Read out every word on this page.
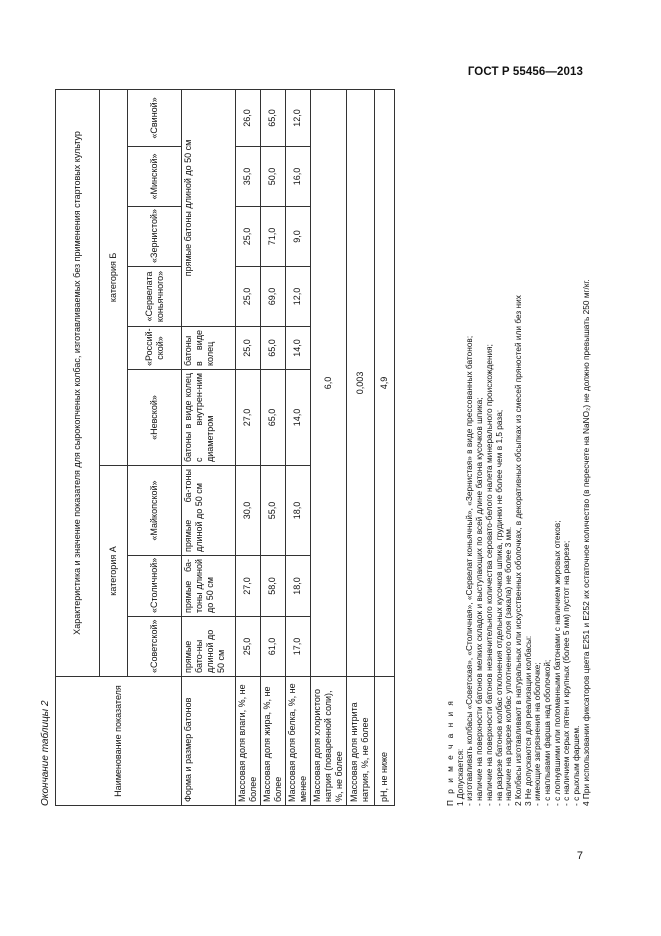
ГОСТ Р 55456—2013
Окончание таблицы 2	Наименование показателя	Характеристика и значение показателя для сырокопченых колбас, изготавливаемых без применения стартовых культур								
	категория А			категория Б					
	«Советской»	«Столичной»	«Майкопской»	«Невской»	«Россий-ской»	«Сервелата коньячного»	«Зернистой»	«Минской»	«Свиной»
Форма и размер батонов	прямые бато-ны длиной до 50 см	прямые ба-тоны длиной до 50 см	прямые ба-тоны длиной до 50 см	батоны в виде колец с внутрен-ним диаметром	батоны в виде колец	прямые батоны длиной до 50 см			
Массовая доля влаги, %, не более	25,0	27,0	30,0	27,0	25,0	25,0	25,0	35,0	26,0
Массовая доля жира, %, не более	61,0	58,0	55,0	65,0	65,0	69,0	71,0	50,0	65,0
Массовая доля белка, %, не менее	17,0	18,0	18,0	14,0	14,0	12,0	9,0	16,0	12,0
Массовая доля хлористого натрия (поваренной соли), %, не более	6,0								
Массовая доля нитрита натрия, %, не более	0,003								
pH, не ниже	4,9								
П р и м е ч а н и я 1 Допускается: - изготавливать колбасы «Советская», «Столичная», «Сервелат коньячный», «Зернистая» в виде прессованных батонов; - наличие на поверхности батонов мелких складок и выступающих по всей длине батона кусочков шпика; - наличие на поверхности батонов незначительного количества серовато-белого налета минерального происхождения; - на разрезе батонов колбас отклонения отдельных кусочков шпика, грудинки не более чем в 1,5 раза; - наличие на разрезе колбас уплотненного слоя (закала) не более 3 мм. 2 Колбасы изготавливают в натуральных или искусственных оболочках, в декоративных обсыпках из смесей пряностей или без них 3 Не допускаются для реализации колбасы: - имеющие загрязнения на оболочке; - с наплывами фарша над оболочкой; - с лопнувшими или поломанными батонами с наличием жировых отеков; - с наличием серых пятен и крупных (более 5 мм) пустот на разрезе; - с рыхлым фаршем. 4 При использовании фиксаторов цвета Е251 и Е252 их остаточное количество (в пересчете на NaNO₂) не должно превышать 250 мг/кг.
7
